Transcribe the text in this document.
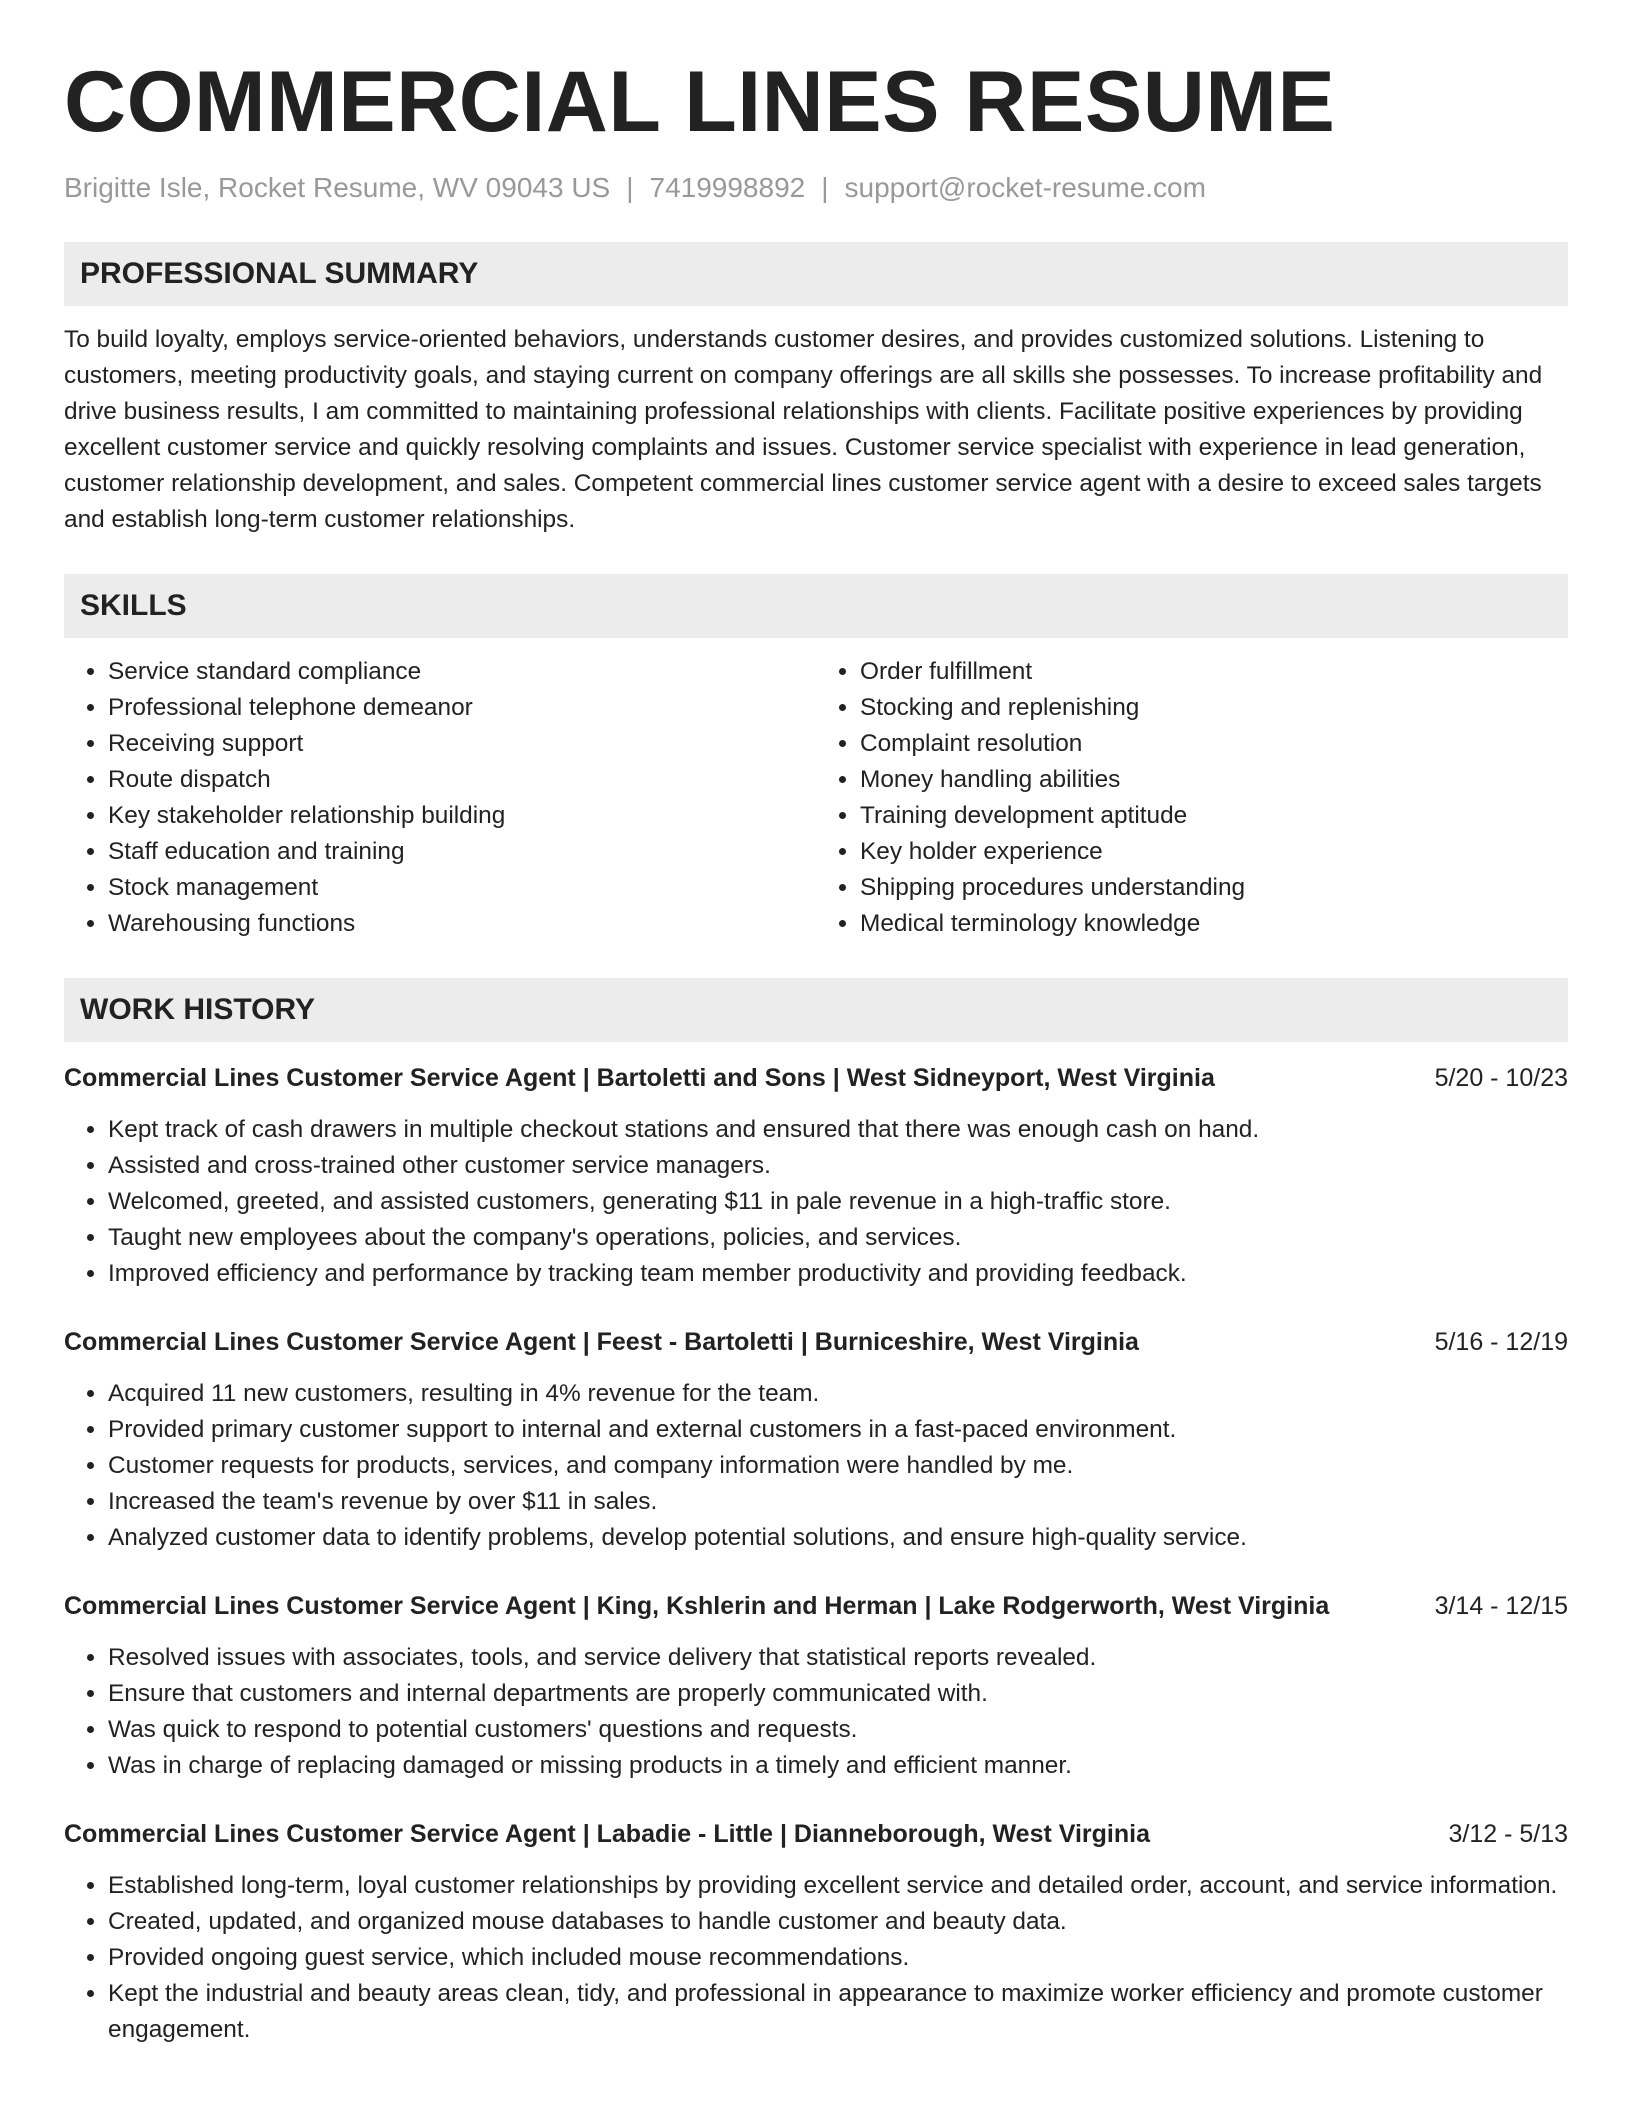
COMMERCIAL LINES RESUME
Brigitte Isle, Rocket Resume, WV 09043 US | 7419998892 | support@rocket-resume.com
PROFESSIONAL SUMMARY
To build loyalty, employs service-oriented behaviors, understands customer desires, and provides customized solutions. Listening to customers, meeting productivity goals, and staying current on company offerings are all skills she possesses. To increase profitability and drive business results, I am committed to maintaining professional relationships with clients. Facilitate positive experiences by providing excellent customer service and quickly resolving complaints and issues. Customer service specialist with experience in lead generation, customer relationship development, and sales. Competent commercial lines customer service agent with a desire to exceed sales targets and establish long-term customer relationships.
SKILLS
• Service standard compliance
• Professional telephone demeanor
• Receiving support
• Route dispatch
• Key stakeholder relationship building
• Staff education and training
• Stock management
• Warehousing functions
• Order fulfillment
• Stocking and replenishing
• Complaint resolution
• Money handling abilities
• Training development aptitude
• Key holder experience
• Shipping procedures understanding
• Medical terminology knowledge
WORK HISTORY
Commercial Lines Customer Service Agent | Bartoletti and Sons | West Sidneyport, West Virginia	5/20 - 10/23
• Kept track of cash drawers in multiple checkout stations and ensured that there was enough cash on hand.
• Assisted and cross-trained other customer service managers.
• Welcomed, greeted, and assisted customers, generating $11 in pale revenue in a high-traffic store.
• Taught new employees about the company's operations, policies, and services.
• Improved efficiency and performance by tracking team member productivity and providing feedback.
Commercial Lines Customer Service Agent | Feest - Bartoletti | Burniceshire, West Virginia	5/16 - 12/19
• Acquired 11 new customers, resulting in 4% revenue for the team.
• Provided primary customer support to internal and external customers in a fast-paced environment.
• Customer requests for products, services, and company information were handled by me.
• Increased the team's revenue by over $11 in sales.
• Analyzed customer data to identify problems, develop potential solutions, and ensure high-quality service.
Commercial Lines Customer Service Agent | King, Kshlerin and Herman | Lake Rodgerworth, West Virginia	3/14 - 12/15
• Resolved issues with associates, tools, and service delivery that statistical reports revealed.
• Ensure that customers and internal departments are properly communicated with.
• Was quick to respond to potential customers' questions and requests.
• Was in charge of replacing damaged or missing products in a timely and efficient manner.
Commercial Lines Customer Service Agent | Labadie - Little | Dianneborough, West Virginia	3/12 - 5/13
• Established long-term, loyal customer relationships by providing excellent service and detailed order, account, and service information.
• Created, updated, and organized mouse databases to handle customer and beauty data.
• Provided ongoing guest service, which included mouse recommendations.
• Kept the industrial and beauty areas clean, tidy, and professional in appearance to maximize worker efficiency and promote customer engagement.
